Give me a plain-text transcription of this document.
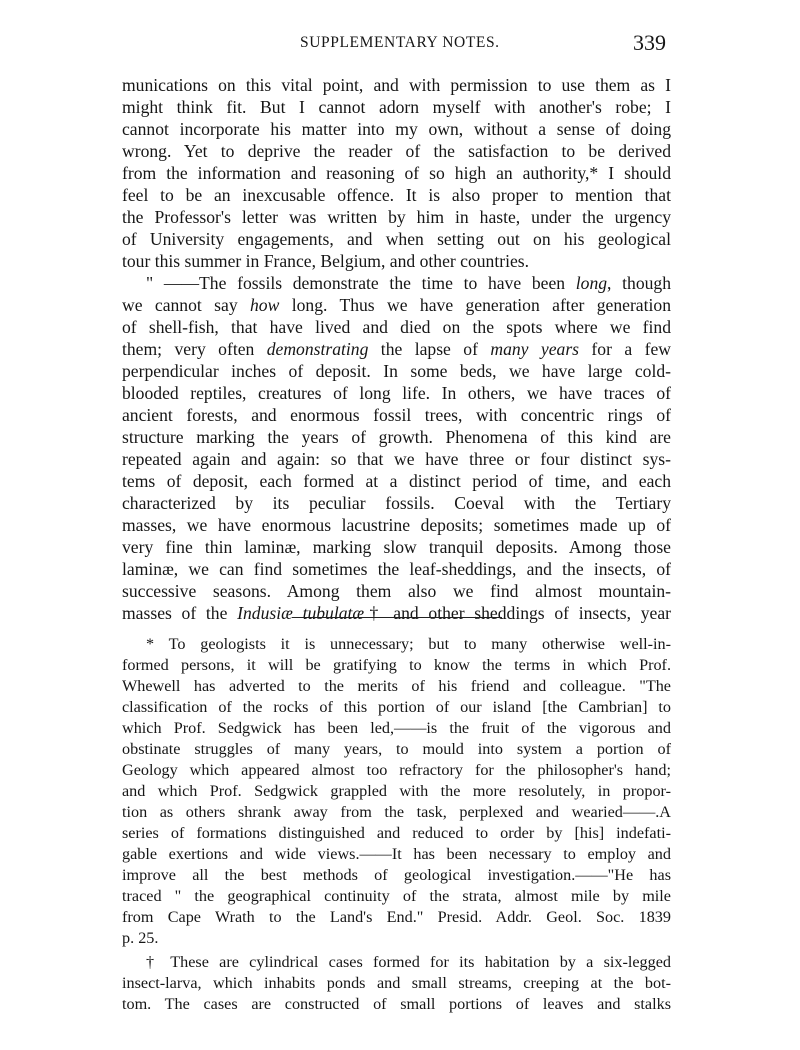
SUPPLEMENTARY NOTES.	339
munications on this vital point, and with permission to use them as I
might think fit. But I cannot adorn myself with another's robe; I
cannot incorporate his matter into my own, without a sense of doing
wrong. Yet to deprive the reader of the satisfaction to be derived
from the information and reasoning of so high an authority,* I should
feel to be an inexcusable offence. It is also proper to mention that
the Professor's letter was written by him in haste, under the urgency
of University engagements, and when setting out on his geological
tour this summer in France, Belgium, and other countries.
" ——The fossils demonstrate the time to have been long, though
we cannot say how long. Thus we have generation after generation
of shell-fish, that have lived and died on the spots where we find
them; very often demonstrating the lapse of many years for a few
perpendicular inches of deposit. In some beds, we have large cold-
blooded reptiles, creatures of long life. In others, we have traces of
ancient forests, and enormous fossil trees, with concentric rings of
structure marking the years of growth. Phenomena of this kind are
repeated again and again: so that we have three or four distinct sys-
tems of deposit, each formed at a distinct period of time, and each
characterized by its peculiar fossils. Coeval with the Tertiary
masses, we have enormous lacustrine deposits; sometimes made up of
very fine thin laminæ, marking slow tranquil deposits. Among those
laminæ, we can find sometimes the leaf-sheddings, and the insects, of
successive seasons. Among them also we find almost mountain-
masses of the Indusiæ tubulatæ† and other sheddings of insects, year
* To geologists it is unnecessary; but to many otherwise well-in-
formed persons, it will be gratifying to know the terms in which Prof.
Whewell has adverted to the merits of his friend and colleague. "The
classification of the rocks of this portion of our island [the Cambrian] to
which Prof. Sedgwick has been led,——is the fruit of the vigorous and
obstinate struggles of many years, to mould into system a portion of
Geology which appeared almost too refractory for the philosopher's hand;
and which Prof. Sedgwick grappled with the more resolutely, in propor-
tion as others shrank away from the task, perplexed and wearied——.A
series of formations distinguished and reduced to order by [his] indefati-
gable exertions and wide views.——It has been necessary to employ and
improve all the best methods of geological investigation.——"He has
traced " the geographical continuity of the strata, almost mile by mile
from Cape Wrath to the Land's End." Presid. Addr. Geol. Soc. 1839
p. 25.
† These are cylindrical cases formed for its habitation by a six-legged
insect-larva, which inhabits ponds and small streams, creeping at the bot-
tom. The cases are constructed of small portions of leaves and stalks
